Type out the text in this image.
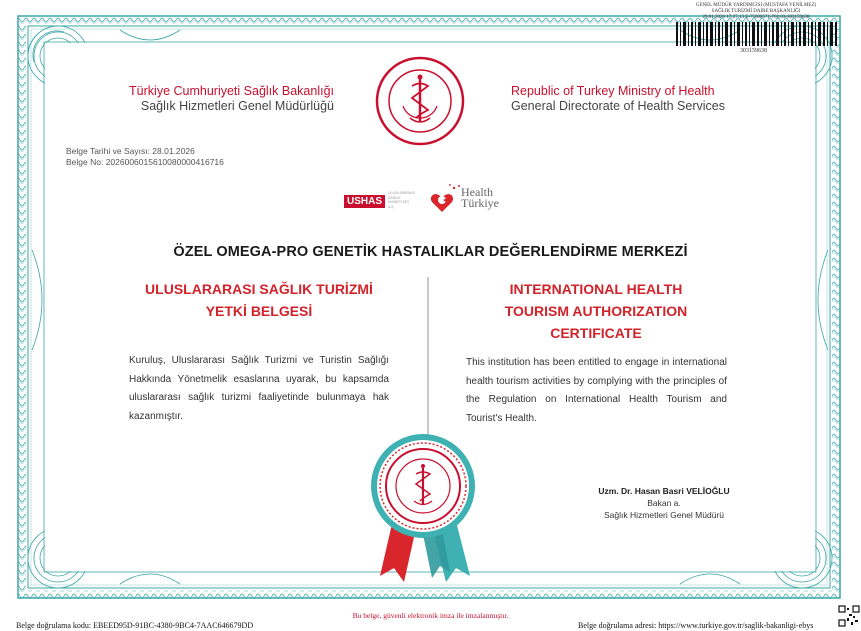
GENEL MÜDÜR YARDIMCISI (MUSTAFA YENİLMEZ)
SAĞLIK TURİZMİ DAİRE BAŞKANLIĞI
29.01.2026 17:27:13 E-75008571-702.03-303159638
303159638
Türkiye Cumhuriyeti Sağlık Bakanlığı
Sağlık Hizmetleri Genel Müdürlüğü
Republic of Turkey Ministry of Health
General Directorate of Health Services
Belge Tarihi ve Sayısı: 28.01.2026
Belge No: 202600601561008000041671​6
USHAS
ULUSLARARASI SAĞLIK HİZMETLERİ A.Ş.
Health
Türkiye
ÖZEL OMEGA-PRO GENETİK HASTALIKLAR DEĞERLENDİRME MERKEZİ
ULUSLARARASI SAĞLIK TURİZMİ
YETKİ BELGESİ
INTERNATIONAL HEALTH
TOURISM AUTHORIZATION
CERTIFICATE
Kuruluş, Uluslararası Sağlık Turizmi ve Turistin Sağlığı Hakkında Yönetmelik esaslarına uyarak, bu kapsamda uluslararası sağlık turizmi faaliyetinde bulunmaya hak kazanmıştır.
This institution has been entitled to engage in international health tourism activities by complying with the principles of the Regulation on International Health Tourism and Tourist's Health.
Uzm. Dr. Hasan Basri VELİOĞLU
Bakan a.
Sağlık Hizmetleri Genel Müdürü
Bu belge, güvenli elektronik imza ile imzalanmıştır.
Belge doğrulama kodu: EBEED95D-91BC-4380-9BC4-7AAC646679DD	Belge doğrulama adresi: https://www.turkiye.gov.tr/saglik-bakanligi-ebys
